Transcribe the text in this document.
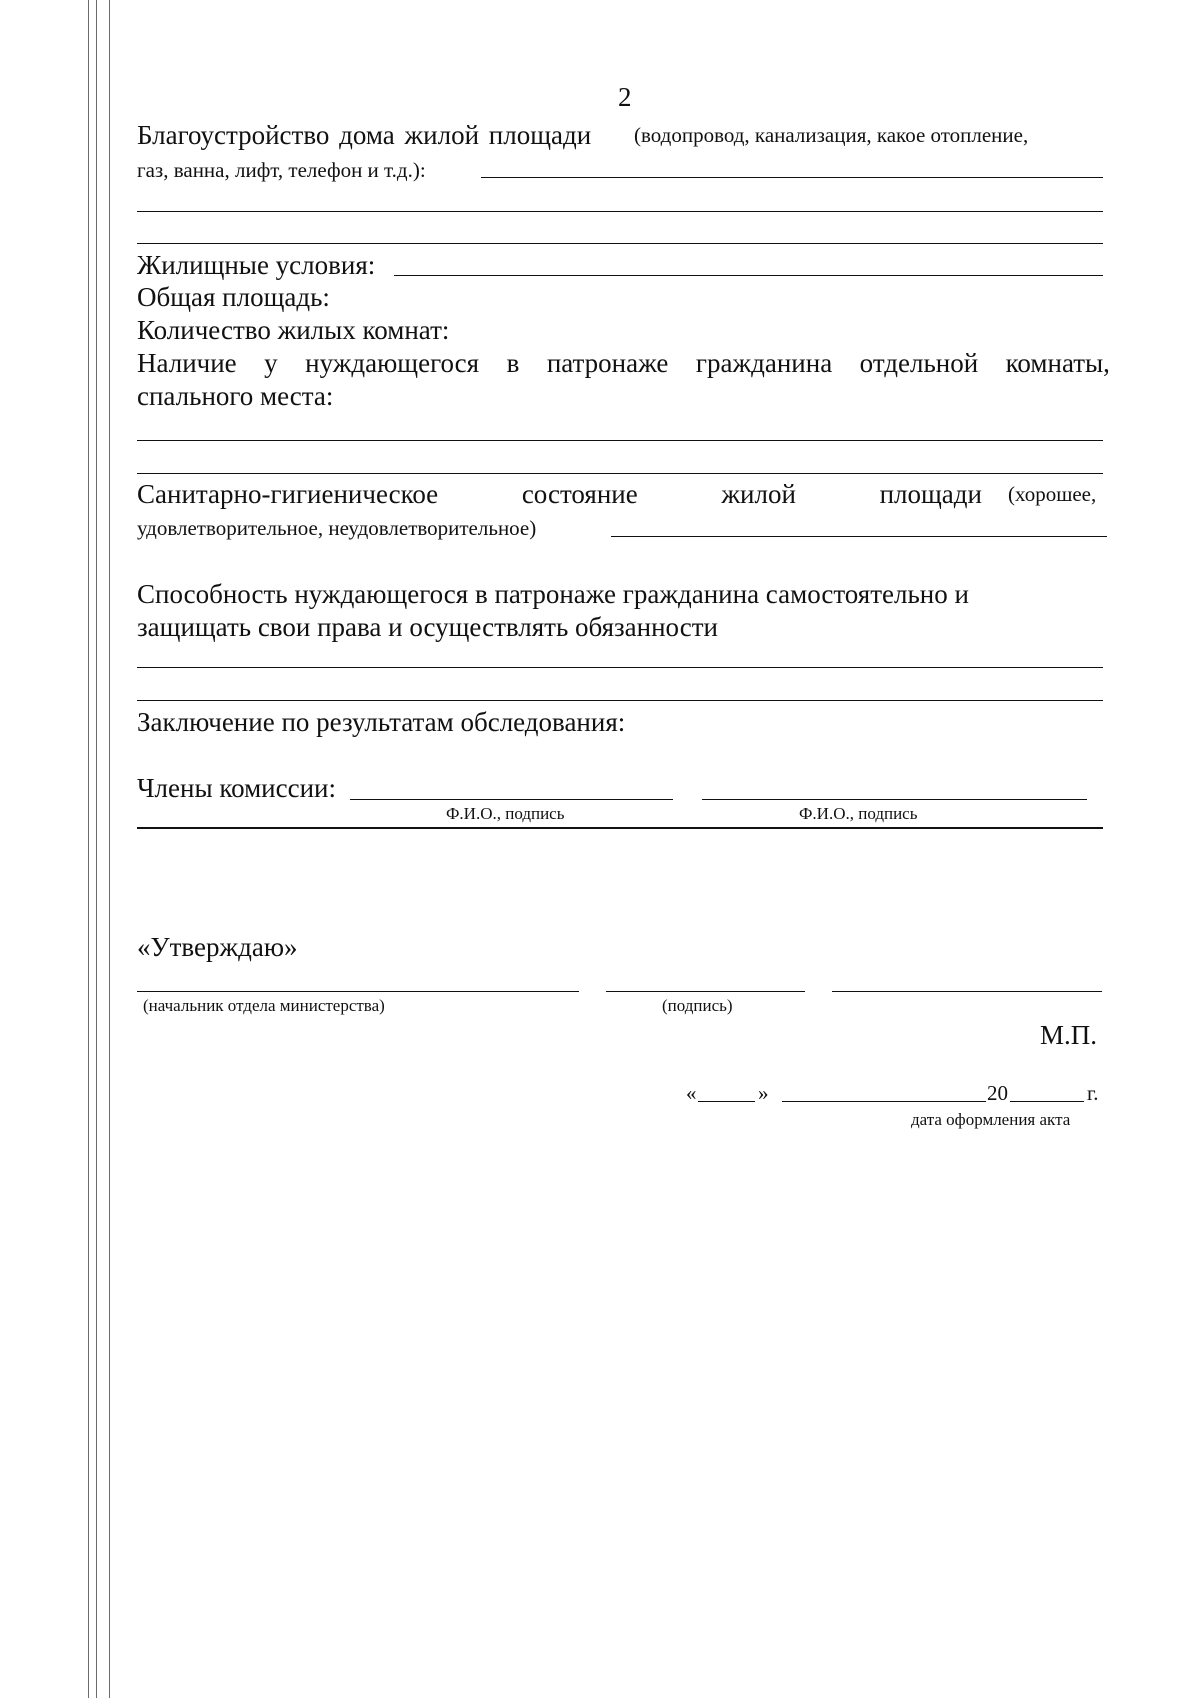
2
Благоустройство дома жилой площади (водопровод, канализация, какое отопление,
газ, ванна, лифт, телефон и т.д.):
Жилищные условия:
Общая площадь:
Количество жилых комнат:
Наличие у нуждающегося в патронаже гражданина отдельной комнаты,
спального места:
Санитарно-гигиеническое	состояние	жилой	площади (хорошее,
удовлетворительное, неудовлетворительное)
Способность нуждающегося в патронаже гражданина самостоятельно и
защищать свои права и осуществлять обязанности
Заключение по результатам обследования:
Члены комиссии:
Ф.И.О., подпись	Ф.И.О., подпись
«Утверждаю»
(начальник отдела министерства)	(подпись)
М.П.
«	»	20	г.
дата оформления акта
